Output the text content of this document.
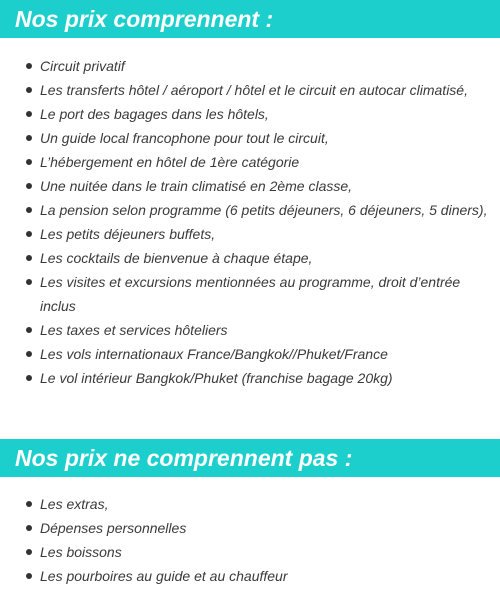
Nos prix comprennent :
Circuit privatif
Les transferts hôtel / aéroport / hôtel et le circuit en autocar climatisé,
Le port des bagages dans les hôtels,
Un guide local francophone pour tout le circuit,
L’hébergement en hôtel de 1ère catégorie
Une nuitée dans le train climatisé en 2ème classe,
La pension selon programme (6 petits déjeuners, 6 déjeuners, 5 diners),
Les petits déjeuners buffets,
Les cocktails de bienvenue à chaque étape,
Les visites et excursions mentionnées au programme, droit d’entrée inclus
Les taxes et services hôteliers
Les vols internationaux France/Bangkok//Phuket/France
Le vol intérieur Bangkok/Phuket (franchise bagage 20kg)
Nos prix ne comprennent pas :
Les extras,
Dépenses personnelles
Les boissons
Les pourboires au guide et au chauffeur
